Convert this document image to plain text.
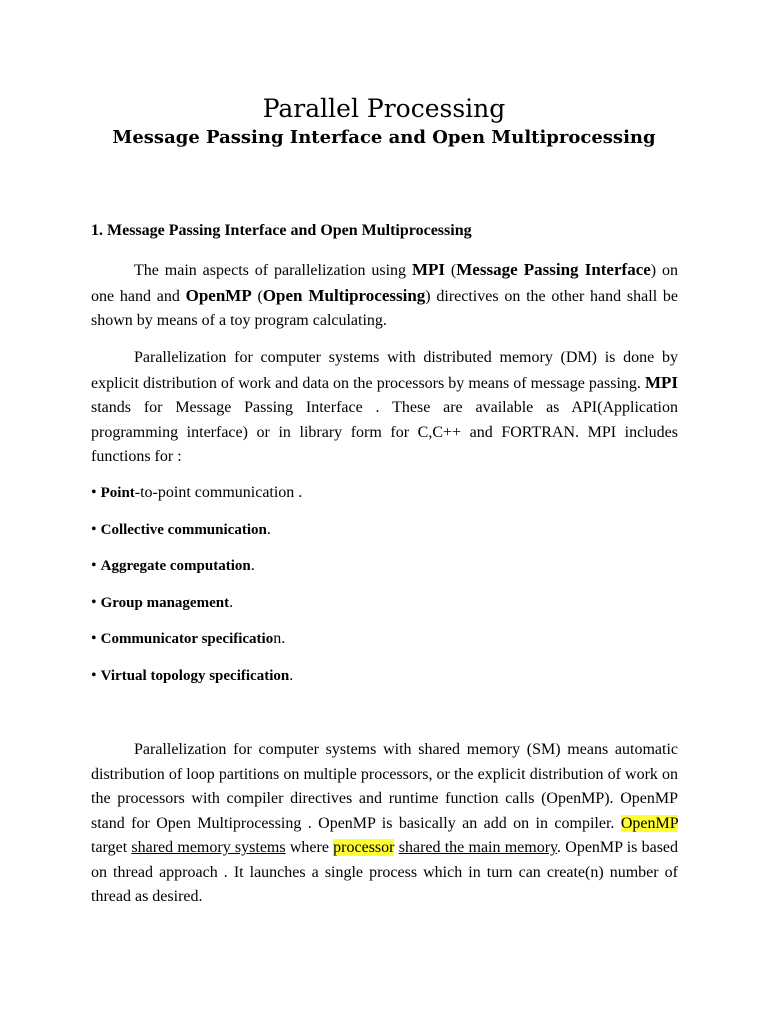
Parallel Processing
Message Passing Interface and Open Multiprocessing
1. Message Passing Interface and Open Multiprocessing

The main aspects of parallelization using MPI (Message Passing Interface) on one hand and OpenMP (Open Multiprocessing) directives on the other hand shall be shown by means of a toy program calculating.

Parallelization for computer systems with distributed memory (DM) is done by explicit distribution of work and data on the processors by means of message passing. MPI stands for Message Passing Interface . These are available as API(Application programming interface) or in library form for C,C++ and FORTRAN. MPI includes functions for :

• Point-to-point communication .
• Collective communication.
• Aggregate computation.
• Group management.
• Communicator specification.
• Virtual topology specification.

Parallelization for computer systems with shared memory (SM) means automatic distribution of loop partitions on multiple processors, or the explicit distribution of work on the processors with compiler directives and runtime function calls (OpenMP). OpenMP stand for Open Multiprocessing . OpenMP is basically an add on in compiler. OpenMP target shared memory systems where processor shared the main memory. OpenMP is based on thread approach . It launches a single process which in turn can create(n) number of thread as desired.
